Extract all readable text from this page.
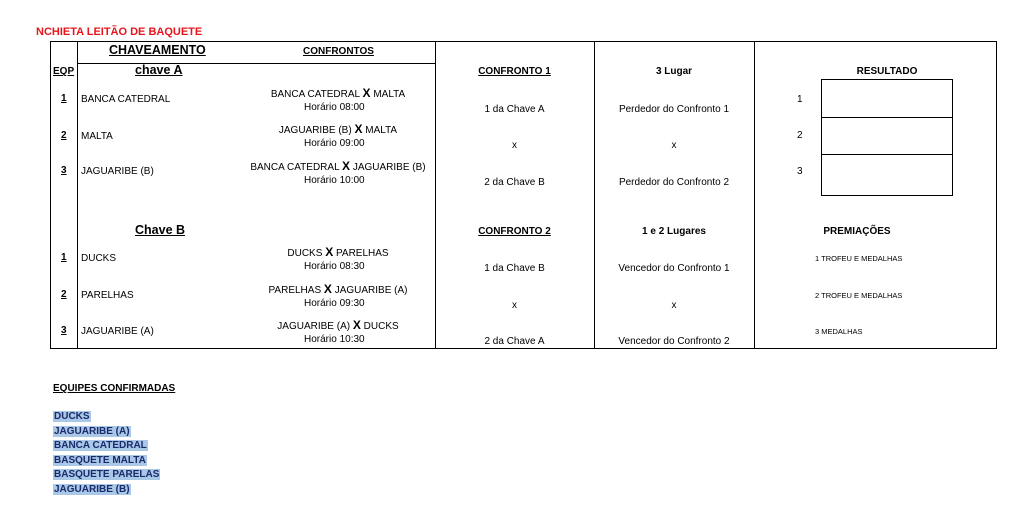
NCHIETA LEITÃO DE BAQUETE
CHAVEAMENTO	CONFRONTOS
EQP	chave A
1 BANCA CATEDRAL
2 MALTA
3 JAGUARIBE (B)
BANCA CATEDRAL X MALTA
Horário 08:00
JAGUARIBE (B) X MALTA
Horário 09:00
BANCA CATEDRAL X JAGUARIBE (B)
Horário 10:00
CONFRONTO 1
1 da Chave A
x
2 da Chave B
3 Lugar
Perdedor do Confronto 1
x
Perdedor do Confronto 2
RESULTADO
1
2
3
Chave B
1 DUCKS
2 PARELHAS
3 JAGUARIBE (A)
DUCKS X PARELHAS
Horário 08:30
PARELHAS X JAGUARIBE (A)
Horário 09:30
JAGUARIBE (A) X DUCKS
Horário 10:30
CONFRONTO 2
1 da Chave B
x
2 da Chave A
1 e 2 Lugares
Vencedor do Confronto 1
x
Vencedor do Confronto 2
PREMIAÇÕES
1 TROFEU E MEDALHAS
2 TROFEU E MEDALHAS
3 MEDALHAS
EQUIPES CONFIRMADAS
DUCKS
JAGUARIBE (A)
BANCA CATEDRAL
BASQUETE MALTA
BASQUETE PARELAS
JAGUARIBE (B)
